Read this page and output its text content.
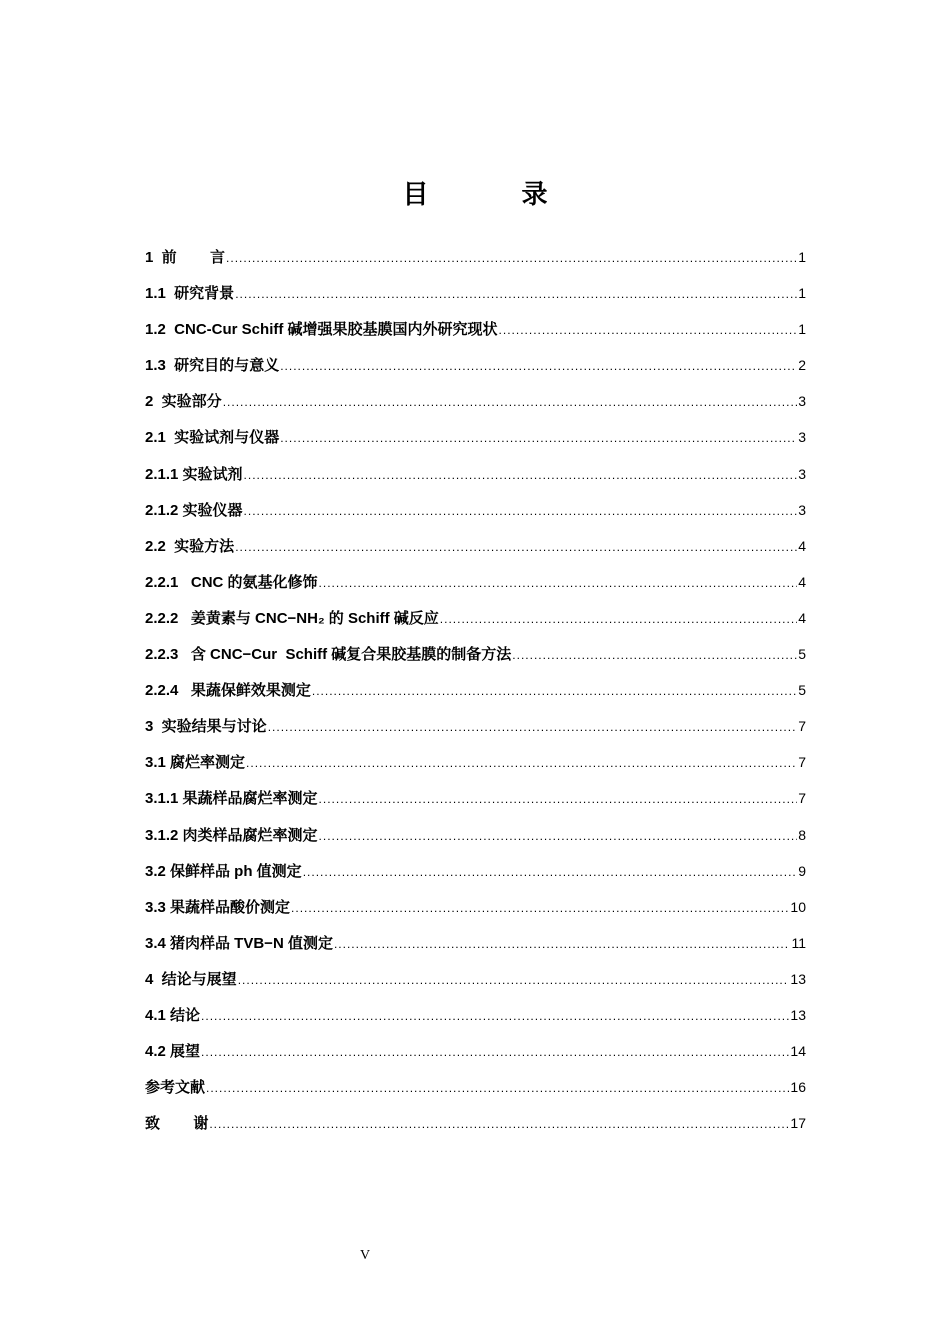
目 录
1  前        言 .....	1
1.1  研究背景 .....	1
1.2  CNC-Cur Schiff 碱增强果胶基膜国内外研究现状 .....	1
1.3  研究目的与意义 .....	2
2  实验部分 .....	3
2.1  实验试剂与仪器 .....	3
2.1.1 实验试剂 .....	3
2.1.2 实验仪器 .....	3
2.2  实验方法 .....	4
2.2.1   CNC 的氨基化修饰 .....	4
2.2.2   姜黄素与 CNC−NH₂ 的 Schiff 碱反应 .....	4
2.2.3   含 CNC−Cur  Schiff 碱复合果胶基膜的制备方法 .....	5
2.2.4   果蔬保鲜效果测定 .....	5
3  实验结果与讨论 .....	7
3.1 腐烂率测定 .....	7
3.1.1 果蔬样品腐烂率测定 .....	7
3.1.2 肉类样品腐烂率测定 .....	8
3.2 保鲜样品 ph 值测定 .....	9
3.3 果蔬样品酸价测定 .....	10
3.4 猪肉样品 TVB−N 值测定 .....	11
4  结论与展望 .....	13
4.1 结论 .....	13
4.2 展望 .....	14
参考文献 .....	16
致        谢 .....	17
V
